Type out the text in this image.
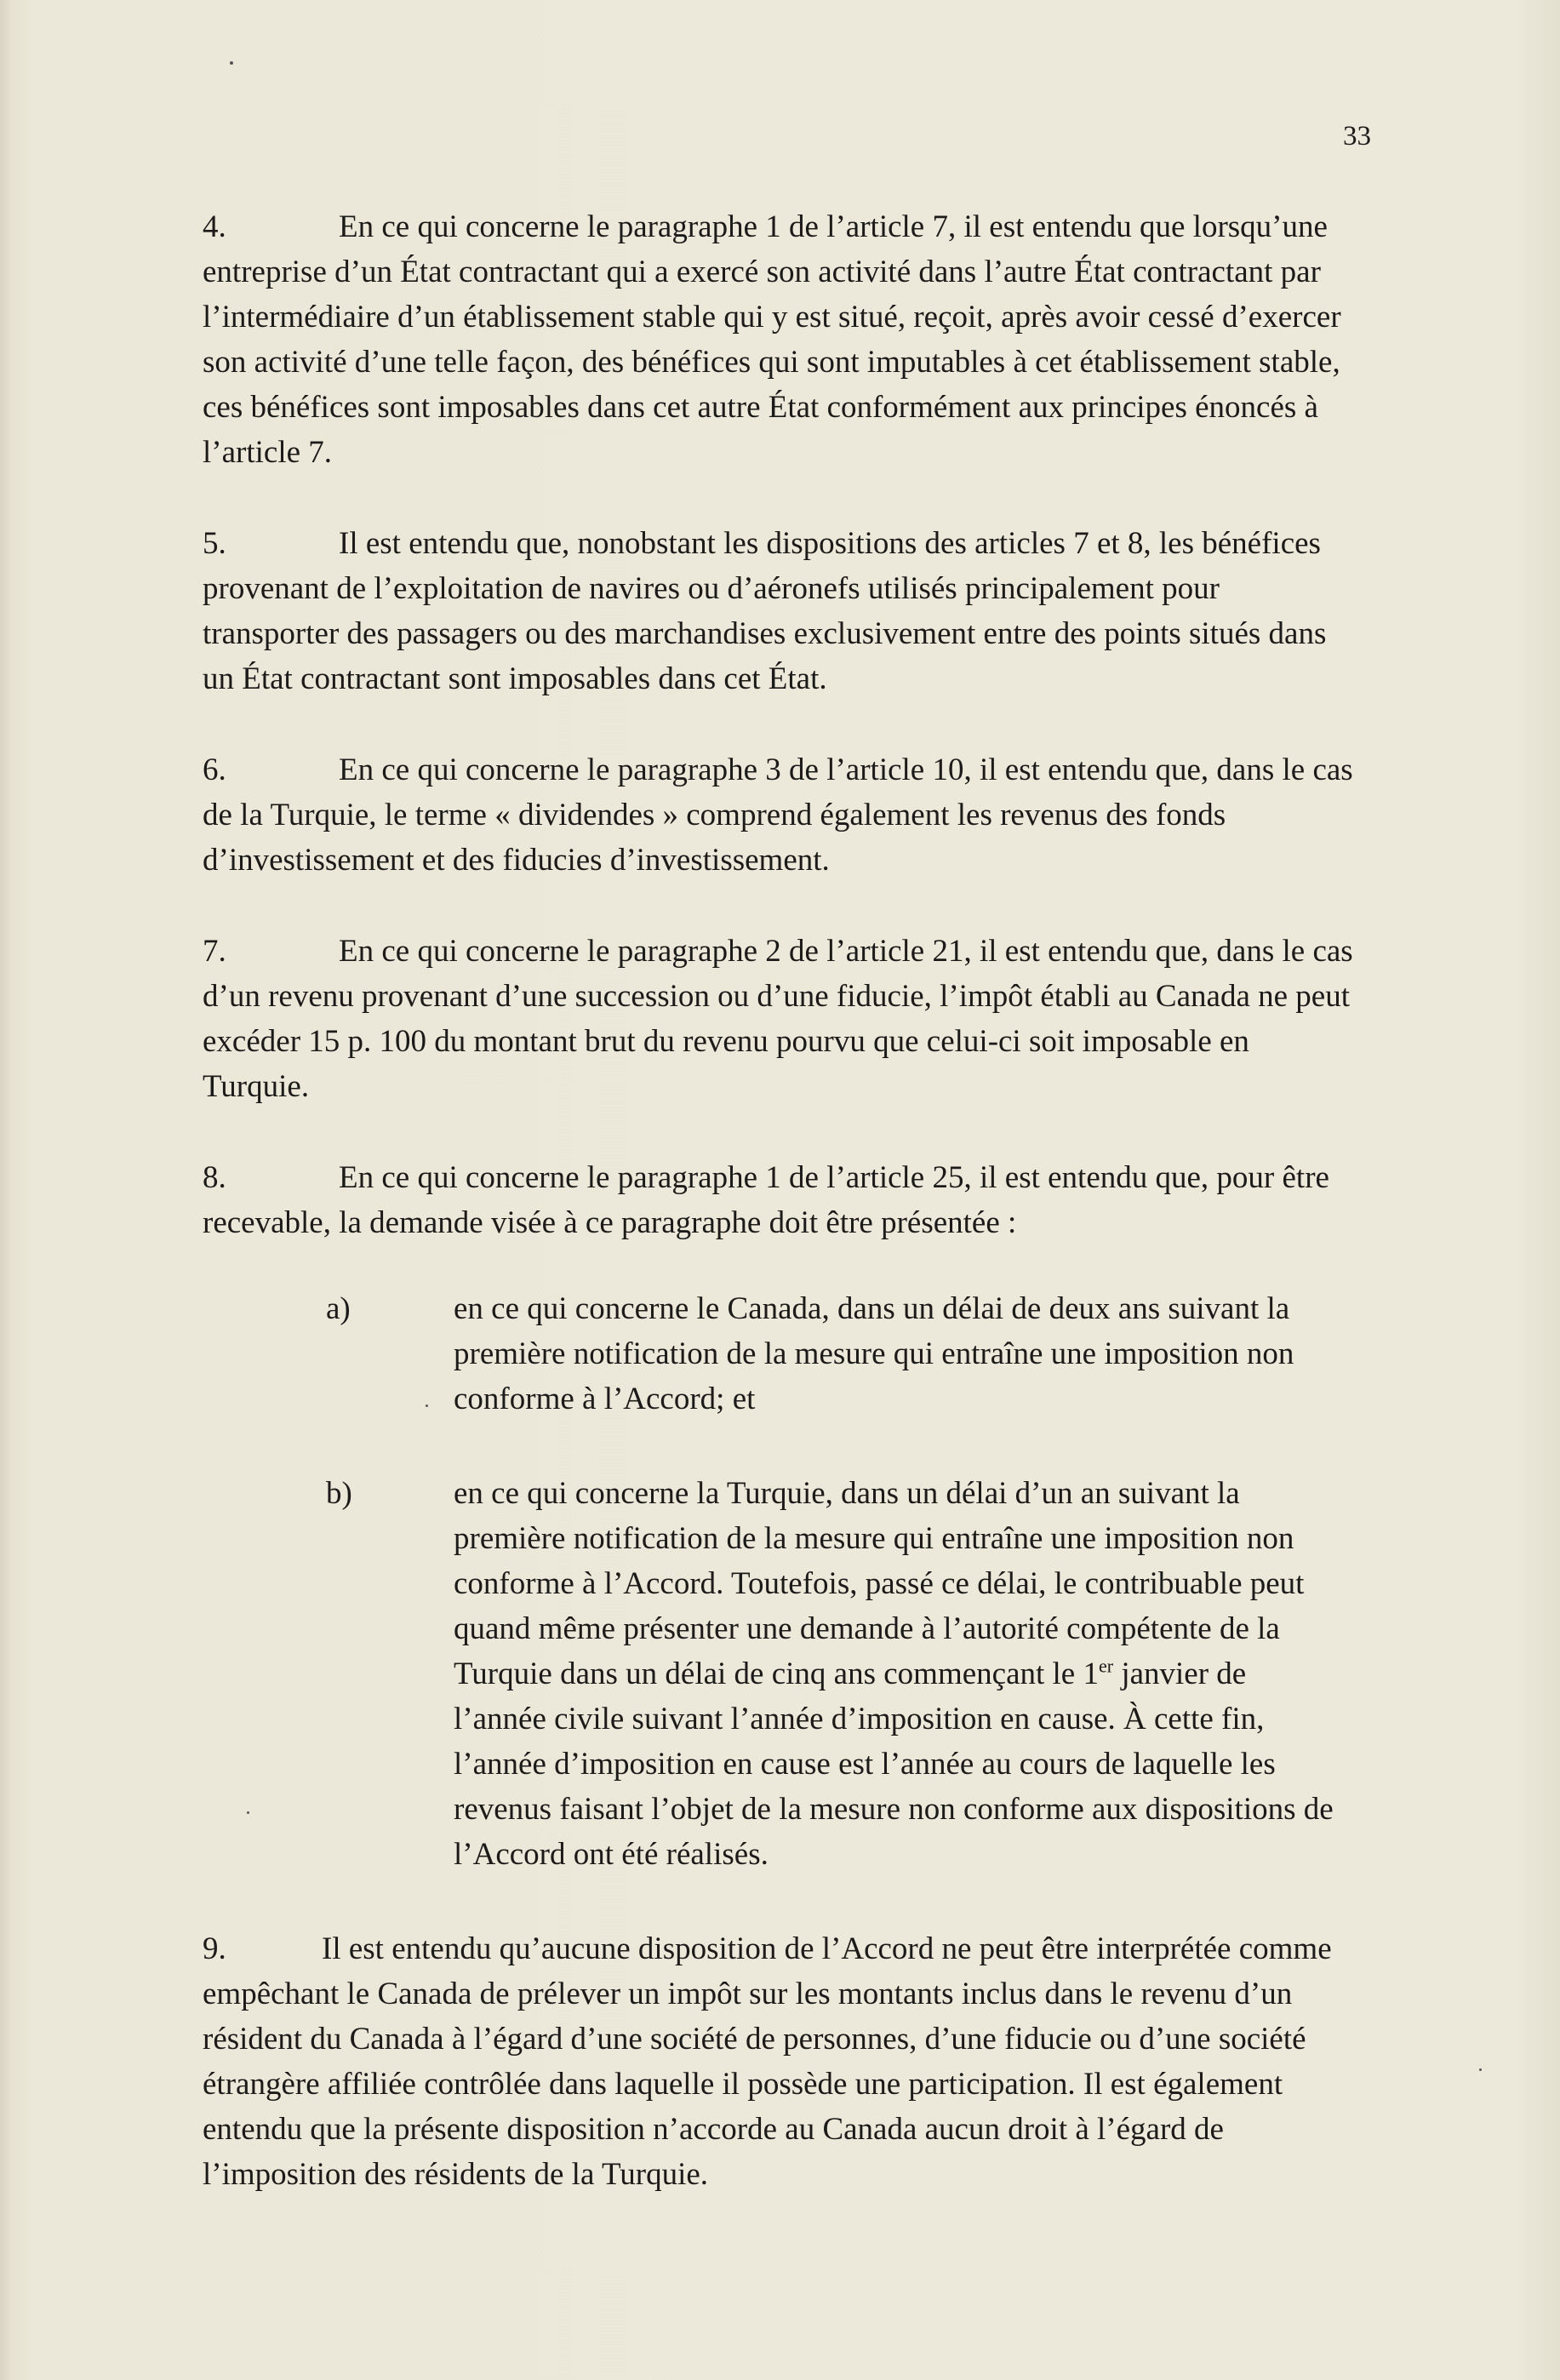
33

4.	En ce qui concerne le paragraphe 1 de l’article 7, il est entendu que lorsqu’une entreprise d’un État contractant qui a exercé son activité dans l’autre État contractant par l’intermédiaire d’un établissement stable qui y est situé, reçoit, après avoir cessé d’exercer son activité d’une telle façon, des bénéfices qui sont imputables à cet établissement stable, ces bénéfices sont imposables dans cet autre État conformément aux principes énoncés à l’article 7.

5.	Il est entendu que, nonobstant les dispositions des articles 7 et 8, les bénéfices provenant de l’exploitation de navires ou d’aéronefs utilisés principalement pour transporter des passagers ou des marchandises exclusivement entre des points situés dans un État contractant sont imposables dans cet État.

6.	En ce qui concerne le paragraphe 3 de l’article 10, il est entendu que, dans le cas de la Turquie, le terme « dividendes » comprend également les revenus des fonds d’investissement et des fiducies d’investissement.

7.	En ce qui concerne le paragraphe 2 de l’article 21, il est entendu que, dans le cas d’un revenu provenant d’une succession ou d’une fiducie, l’impôt établi au Canada ne peut excéder 15 p. 100 du montant brut du revenu pourvu que celui-ci soit imposable en Turquie.

8.	En ce qui concerne le paragraphe 1 de l’article 25, il est entendu que, pour être recevable, la demande visée à ce paragraphe doit être présentée :

a)	en ce qui concerne le Canada, dans un délai de deux ans suivant la première notification de la mesure qui entraîne une imposition non conforme à l’Accord; et
b)	en ce qui concerne la Turquie, dans un délai d’un an suivant la première notification de la mesure qui entraîne une imposition non conforme à l’Accord. Toutefois, passé ce délai, le contribuable peut quand même présenter une demande à l’autorité compétente de la Turquie dans un délai de cinq ans commençant le 1er janvier de l’année civile suivant l’année d’imposition en cause. À cette fin, l’année d’imposition en cause est l’année au cours de laquelle les revenus faisant l’objet de la mesure non conforme aux dispositions de l’Accord ont été réalisés.

9.	Il est entendu qu’aucune disposition de l’Accord ne peut être interprétée comme empêchant le Canada de prélever un impôt sur les montants inclus dans le revenu d’un résident du Canada à l’égard d’une société de personnes, d’une fiducie ou d’une société étrangère affiliée contrôlée dans laquelle il possède une participation. Il est également entendu que la présente disposition n’accorde au Canada aucun droit à l’égard de l’imposition des résidents de la Turquie.
